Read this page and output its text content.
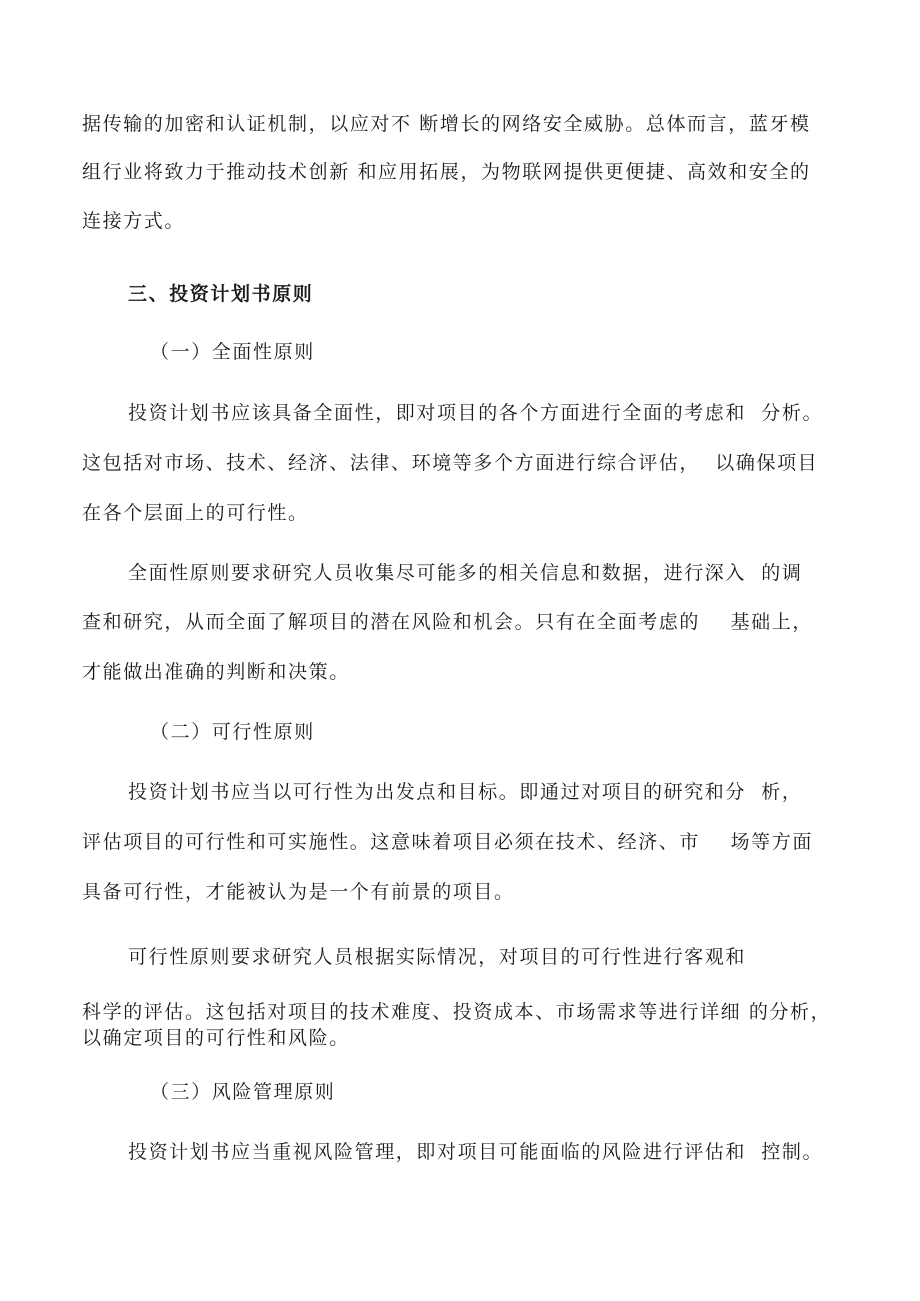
据传输的加密和认证机制，以应对不 断增长的网络安全威胁。总体而言，蓝牙模
组行业将致力于推动技术创新 和应用拓展，为物联网提供更便捷、高效和安全的
连接方式。
三、投资计划书原则
（一）全面性原则
投资计划书应该具备全面性，即对项目的各个方面进行全面的考虑和  分析。
这包括对市场、技术、经济、法律、环境等多个方面进行综合评估，  以确保项目
在各个层面上的可行性。
全面性原则要求研究人员收集尽可能多的相关信息和数据，进行深入  的调
查和研究，从而全面了解项目的潜在风险和机会。只有在全面考虑的    基础上，
才能做出准确的判断和决策。
（二）可行性原则
投资计划书应当以可行性为出发点和目标。即通过对项目的研究和分  析，
评估项目的可行性和可实施性。这意味着项目必须在技术、经济、市    场等方面
具备可行性，才能被认为是一个有前景的项目。
可行性原则要求研究人员根据实际情况，对项目的可行性进行客观和
科学的评估。这包括对项目的技术难度、投资成本、市场需求等进行详细 的分析，
以确定项目的可行性和风险。
（三）风险管理原则
投资计划书应当重视风险管理，即对项目可能面临的风险进行评估和  控制。
